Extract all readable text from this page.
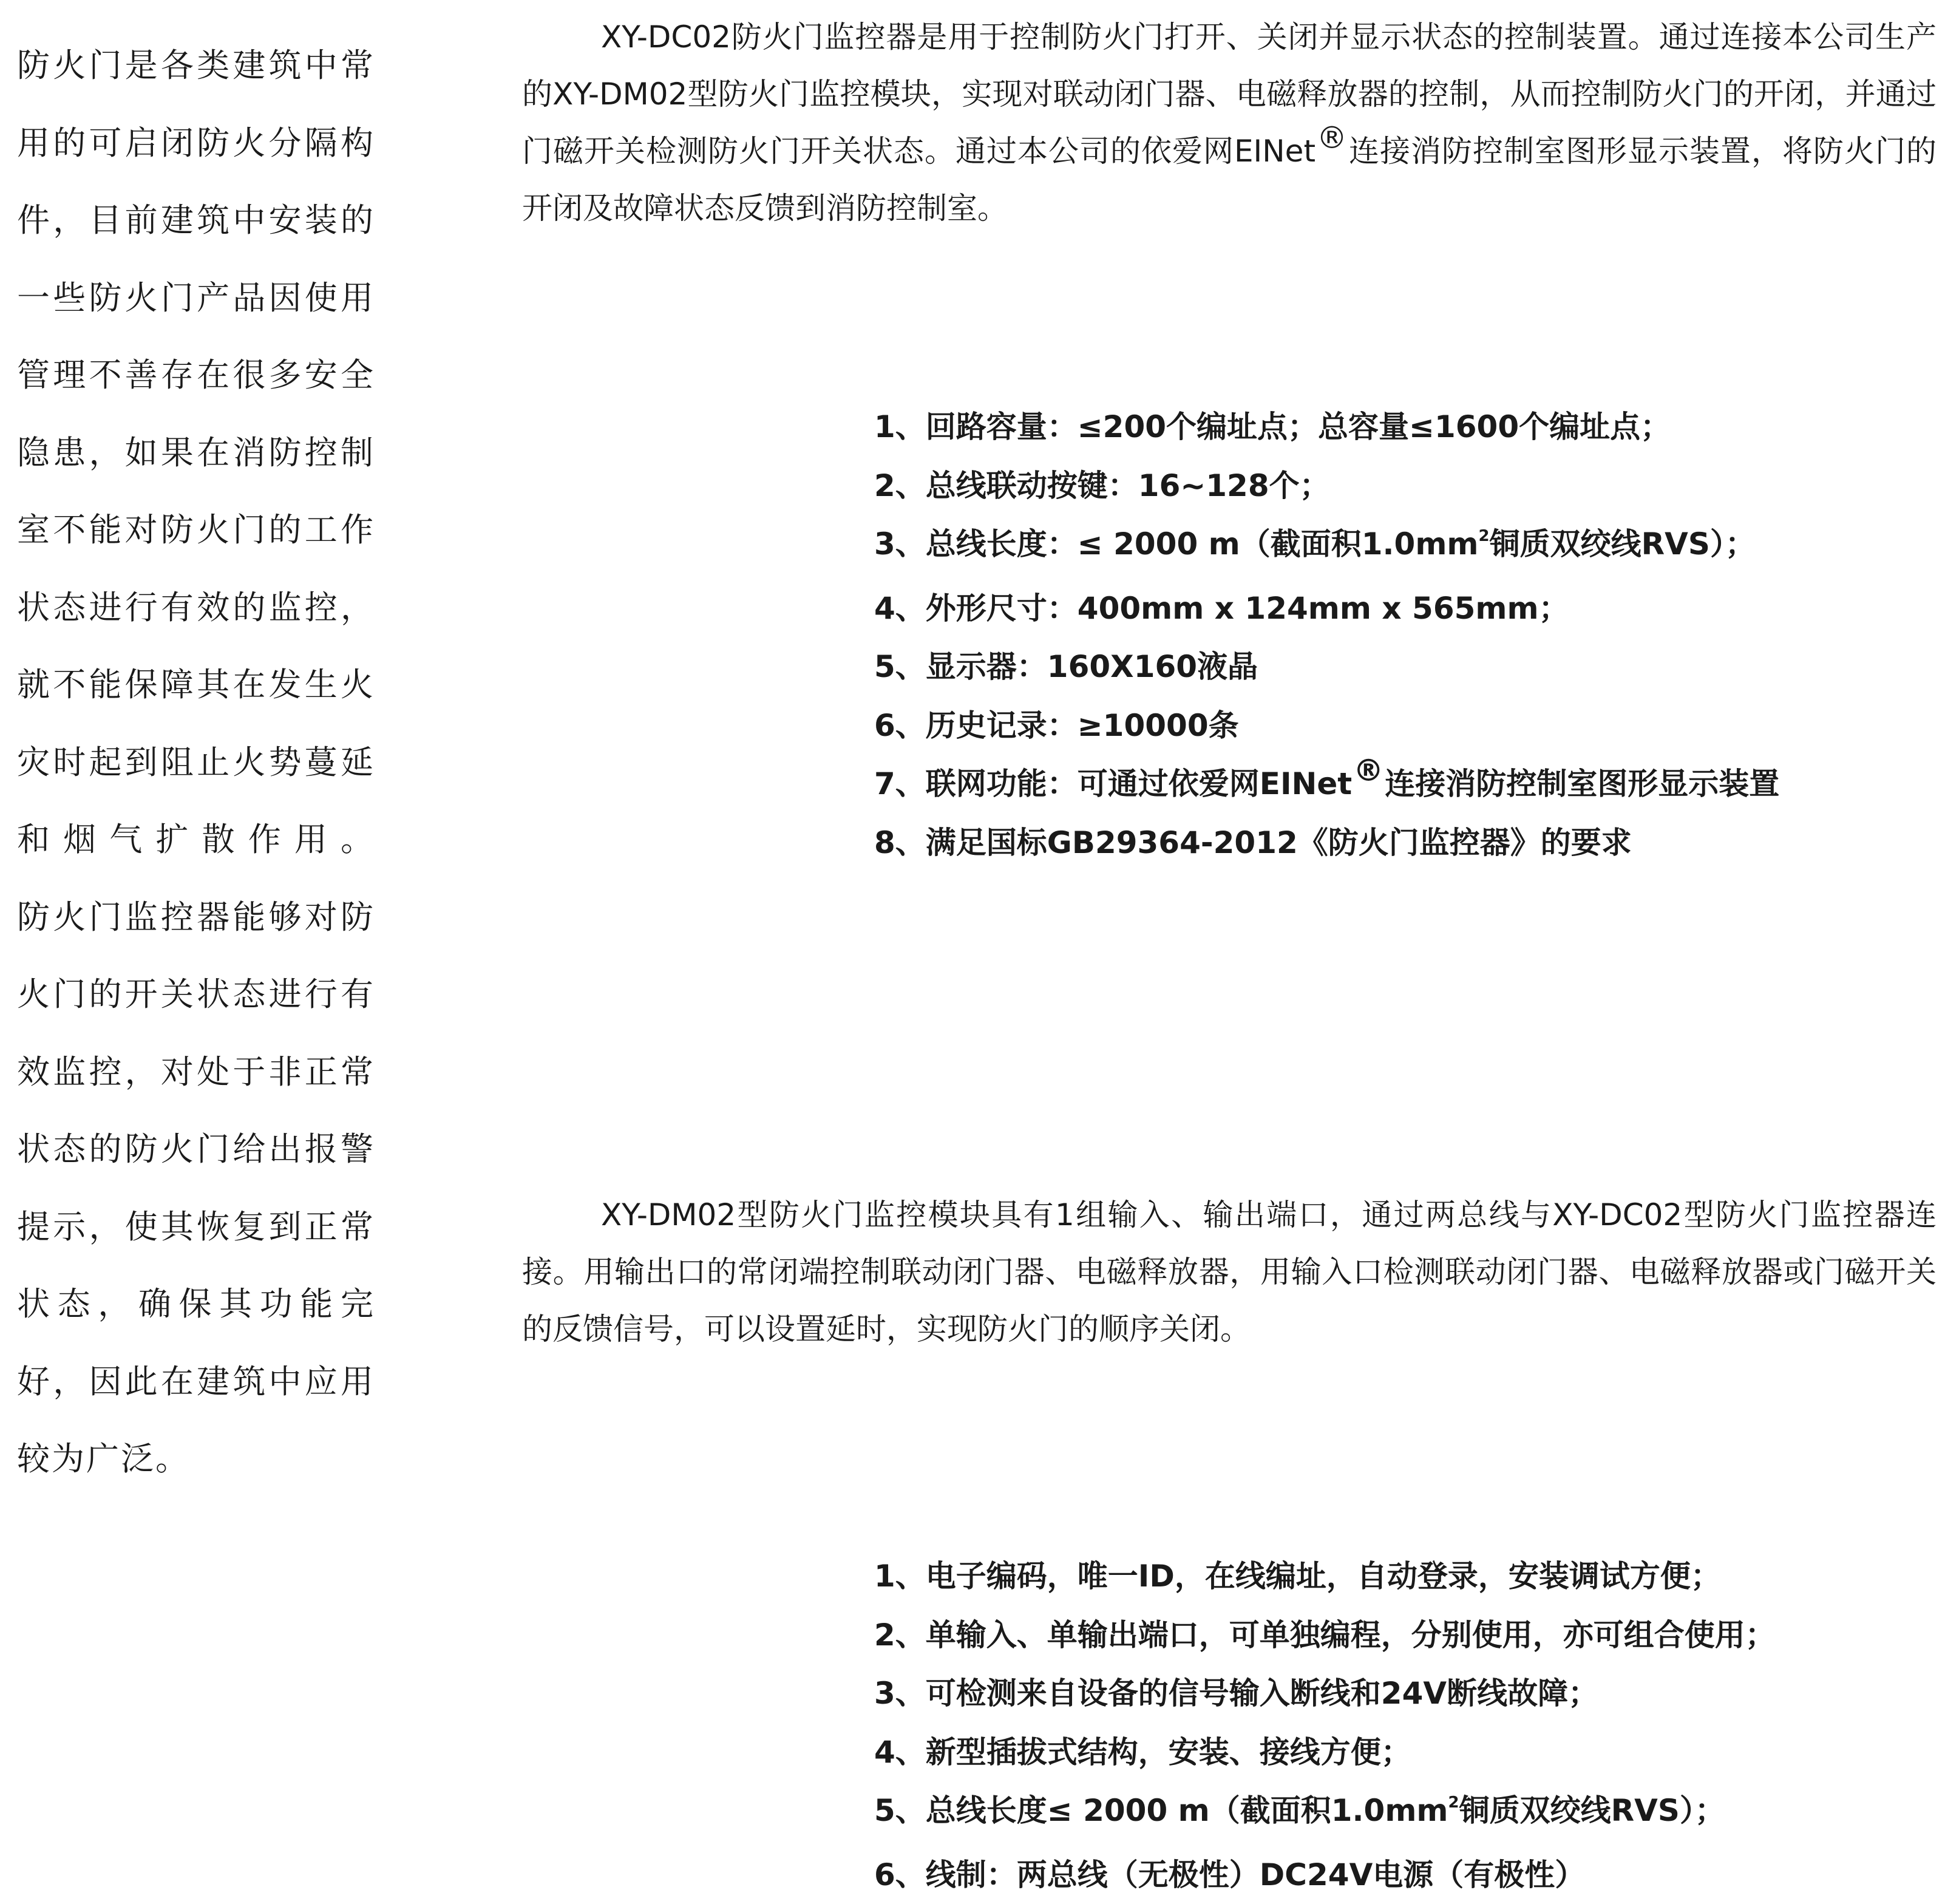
防火门是各类建筑中常用的可启闭防火分隔构件，目前建筑中安装的一些防火门产品因使用管理不善存在很多安全隐患，如果在消防控制室不能对防火门的工作状态进行有效的监控，就不能保障其在发生火灾时起到阻止火势蔓延和烟气扩散作用。

防火门监控器能够对防火门的开关状态进行有效监控，对处于非正常状态的防火门给出报警提示，使其恢复到正常状态，确保其功能完好，因此在建筑中应用较为广泛。

XY-DC02防火门监控器是用于控制防火门打开、关闭并显示状态的控制装置。通过连接本公司生产的XY-DM02型防火门监控模块，实现对联动闭门器、电磁释放器的控制，从而控制防火门的开闭，并通过门磁开关检测防火门开关状态。通过本公司的依爱网EINet®连接消防控制室图形显示装置，将防火门的开闭及故障状态反馈到消防控制室。

1、回路容量：≤200个编址点；总容量≤1600个编址点；
2、总线联动按键：16~128个；
3、总线长度：≤ 2000 m（截面积$1.0mm^2$铜质双绞线RVS）；
4、外形尺寸：400mm x 124mm x 565mm；
5、显示器：160X160液晶
6、历史记录：≥10000条
7、联网功能：可通过依爱网EINet®连接消防控制室图形显示装置
8、满足国标GB29364-2012《防火门监控器》的要求

XY-DM02型防火门监控模块具有1组输入、输出端口，通过两总线与XY-DC02型防火门监控器连接。用输出口的常闭端控制联动闭门器、电磁释放器，用输入口检测联动闭门器、电磁释放器或门磁开关的反馈信号，可以设置延时，实现防火门的顺序关闭。

1、电子编码，唯一ID，在线编址，自动登录，安装调试方便；
2、单输入、单输出端口，可单独编程，分别使用，亦可组合使用；
3、可检测来自设备的信号输入断线和24V断线故障；
4、新型插拔式结构，安装、接线方便；
5、总线长度≤ 2000 m（截面积$1.0mm^2$铜质双绞线RVS）；
6、线制：两总线（无极性）DC24V电源（有极性）
